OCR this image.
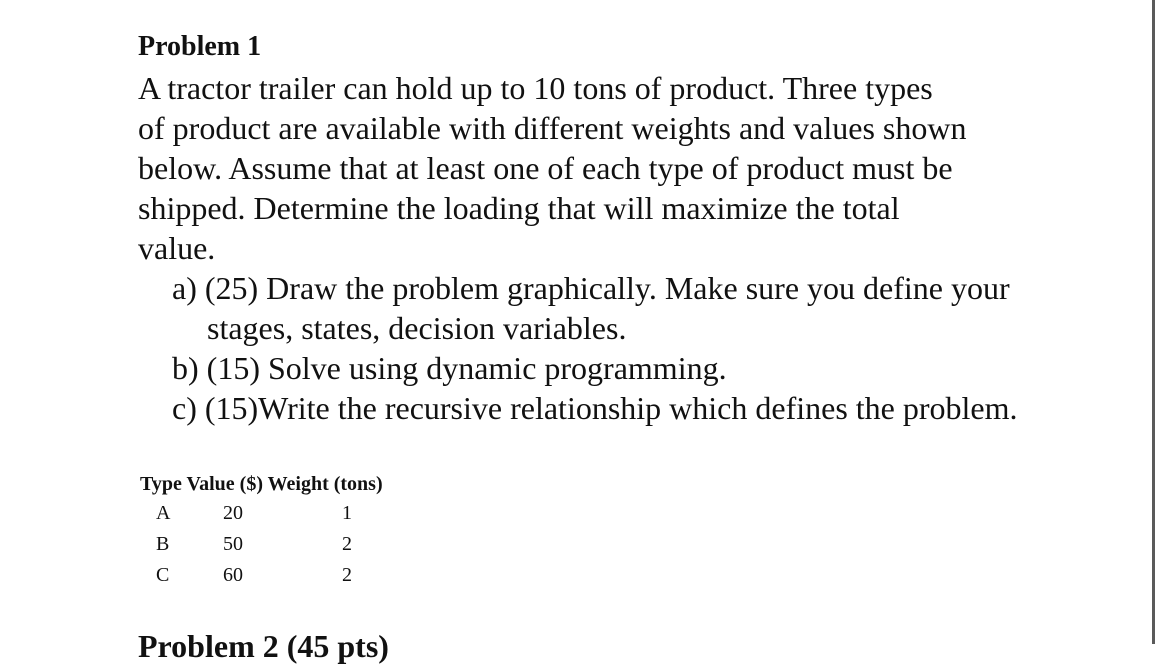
Problem 1
A tractor trailer can hold up to 10 tons of product. Three types
of product are available with different weights and values shown
below. Assume that at least one of each type of product must be
shipped. Determine the loading that will maximize the total
value.
a) (25) Draw the problem graphically. Make sure you define your stages, states, decision variables.
b) (15) Solve using dynamic programming.
c) (15)Write the recursive relationship which defines the problem.
Type Value ($) Weight (tons)
A	20	1
B	50	2
C	60	2
Problem 2 (45 pts)
